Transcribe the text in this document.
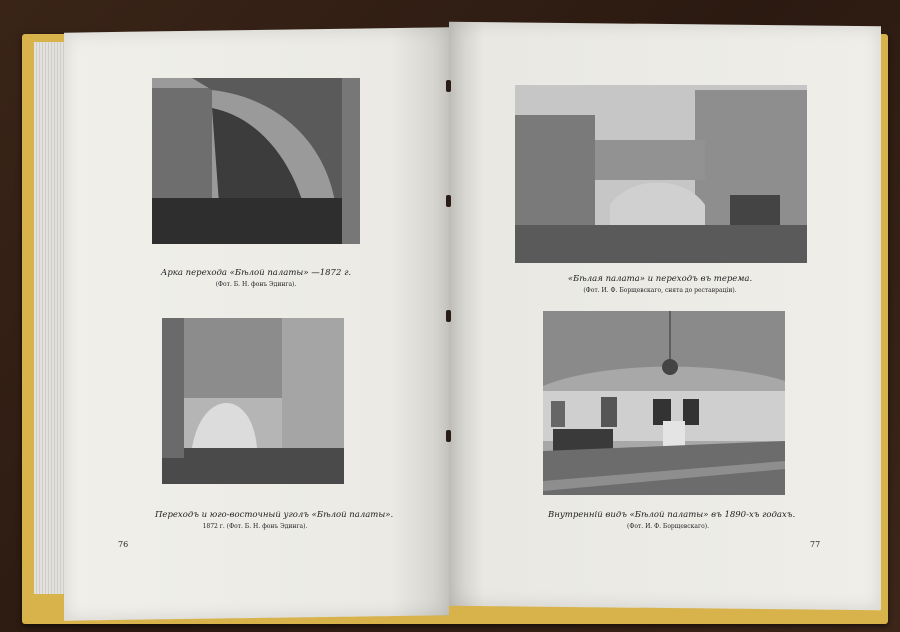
Арка перехода «Бѣлой палаты» —1872 г.
(Фот. Б. Н. фонъ Эдинга).
Переходъ и юго-восточный уголъ «Бѣлой палаты».
1872 г. (Фот. Б. Н. фонъ Эдинга).
76
«Бѣлая палата» и переходъ въ терема.
(Фот. И. Ф. Борщевскаго, снята до реставрацiи).
Внутреннiй видъ «Бѣлой палаты» въ 1890-хъ годахъ.
(Фот. И. Ф. Борщевскаго).
77
